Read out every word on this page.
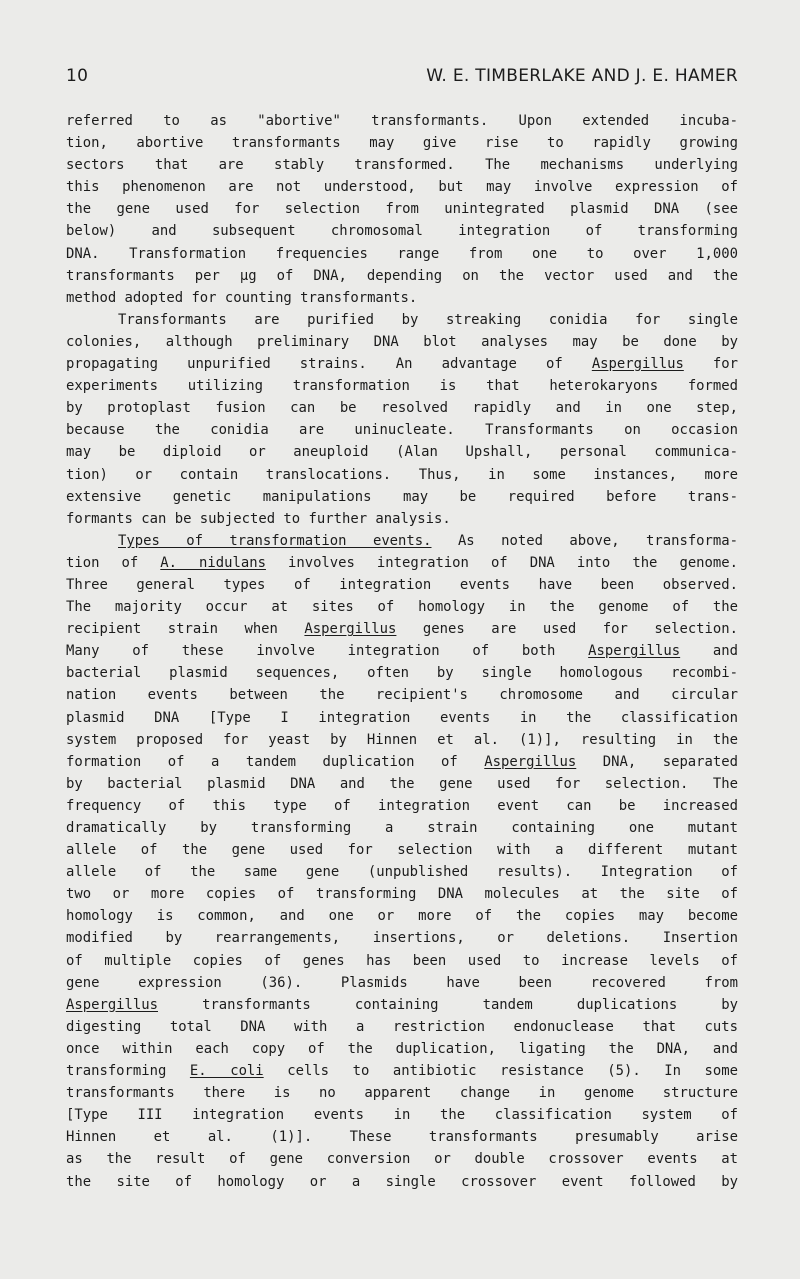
10	W. E. TIMBERLAKE AND J. E. HAMER
referred to as "abortive" transformants. Upon extended incuba-
tion, abortive transformants may give rise to rapidly growing
sectors that are stably transformed. The mechanisms underlying
this phenomenon are not understood, but may involve expression of
the gene used for selection from unintegrated plasmid DNA (see
below) and subsequent chromosomal integration of transforming
DNA. Transformation frequencies range from one to over 1,000
transformants per µg of DNA, depending on the vector used and the
method adopted for counting transformants.
Transformants are purified by streaking conidia for single
colonies, although preliminary DNA blot analyses may be done by
propagating unpurified strains. An advantage of Aspergillus for
experiments utilizing transformation is that heterokaryons formed
by protoplast fusion can be resolved rapidly and in one step,
because the conidia are uninucleate. Transformants on occasion
may be diploid or aneuploid (Alan Upshall, personal communica-
tion) or contain translocations. Thus, in some instances, more
extensive genetic manipulations may be required before trans-
formants can be subjected to further analysis.
Types of transformation events. As noted above, transforma-
tion of A. nidulans involves integration of DNA into the genome.
Three general types of integration events have been observed.
The majority occur at sites of homology in the genome of the
recipient strain when Aspergillus genes are used for selection.
Many of these involve integration of both Aspergillus and
bacterial plasmid sequences, often by single homologous recombi-
nation events between the recipient's chromosome and circular
plasmid DNA [Type I integration events in the classification
system proposed for yeast by Hinnen et al. (1)], resulting in the
formation of a tandem duplication of Aspergillus DNA, separated
by bacterial plasmid DNA and the gene used for selection. The
frequency of this type of integration event can be increased
dramatically by transforming a strain containing one mutant
allele of the gene used for selection with a different mutant
allele of the same gene (unpublished results). Integration of
two or more copies of transforming DNA molecules at the site of
homology is common, and one or more of the copies may become
modified by rearrangements, insertions, or deletions. Insertion
of multiple copies of genes has been used to increase levels of
gene expression (36). Plasmids have been recovered from
Aspergillus transformants containing tandem duplications by
digesting total DNA with a restriction endonuclease that cuts
once within each copy of the duplication, ligating the DNA, and
transforming E. coli cells to antibiotic resistance (5). In some
transformants there is no apparent change in genome structure
[Type III integration events in the classification system of
Hinnen et al. (1)]. These transformants presumably arise
as the result of gene conversion or double crossover events at
the site of homology or a single crossover event followed by
